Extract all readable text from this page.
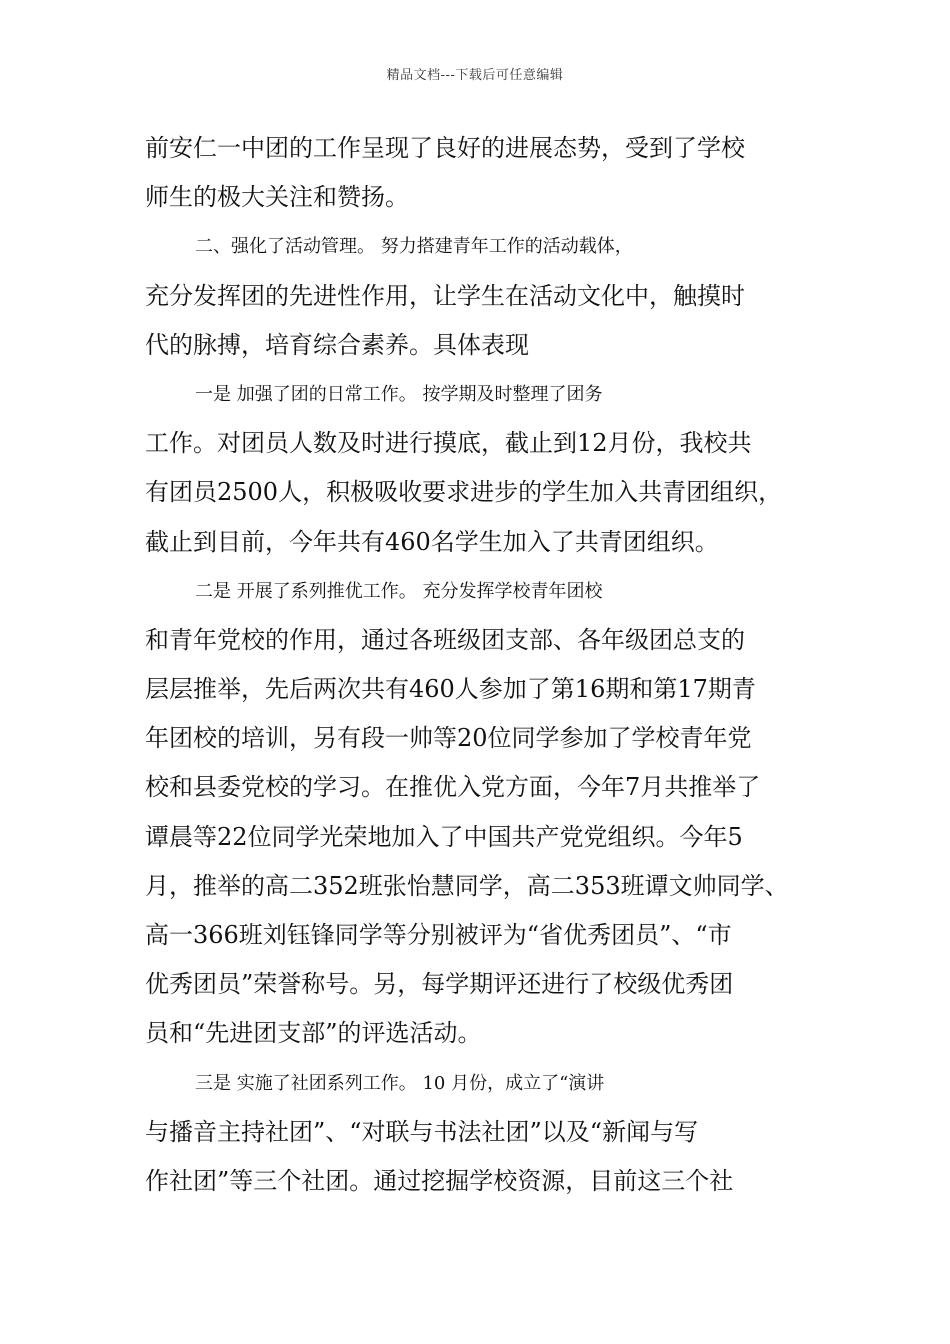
精品文档---下载后可任意编辑
前安仁一中团的工作呈现了良好的进展态势，受到了学校
师生的极大关注和赞扬。
二、强化了活动管理。 努力搭建青年工作的活动载体，
充分发挥团的先进性作用，让学生在活动文化中，触摸时
代的脉搏，培育综合素养。具体表现
一是 加强了团的日常工作。 按学期及时整理了团务
工作。对团员人数及时进行摸底，截止到12月份，我校共
有团员2500人，积极吸收要求进步的学生加入共青团组织，
截止到目前，今年共有460名学生加入了共青团组织。
二是 开展了系列推优工作。 充分发挥学校青年团校
和青年党校的作用，通过各班级团支部、各年级团总支的
层层推举，先后两次共有460人参加了第16期和第17期青
年团校的培训，另有段一帅等20位同学参加了学校青年党
校和县委党校的学习。在推优入党方面，今年7月共推举了
谭晨等22位同学光荣地加入了中国共产党党组织。今年5
月，推举的高二352班张怡慧同学，高二353班谭文帅同学、
高一366班刘钰锋同学等分别被评为“省优秀团员”、“市
优秀团员”荣誉称号。另，每学期评还进行了校级优秀团
员和“先进团支部”的评选活动。
三是 实施了社团系列工作。 10 月份，成立了“演讲
与播音主持社团”、“对联与书法社团”以及“新闻与写
作社团”等三个社团。通过挖掘学校资源，目前这三个社
